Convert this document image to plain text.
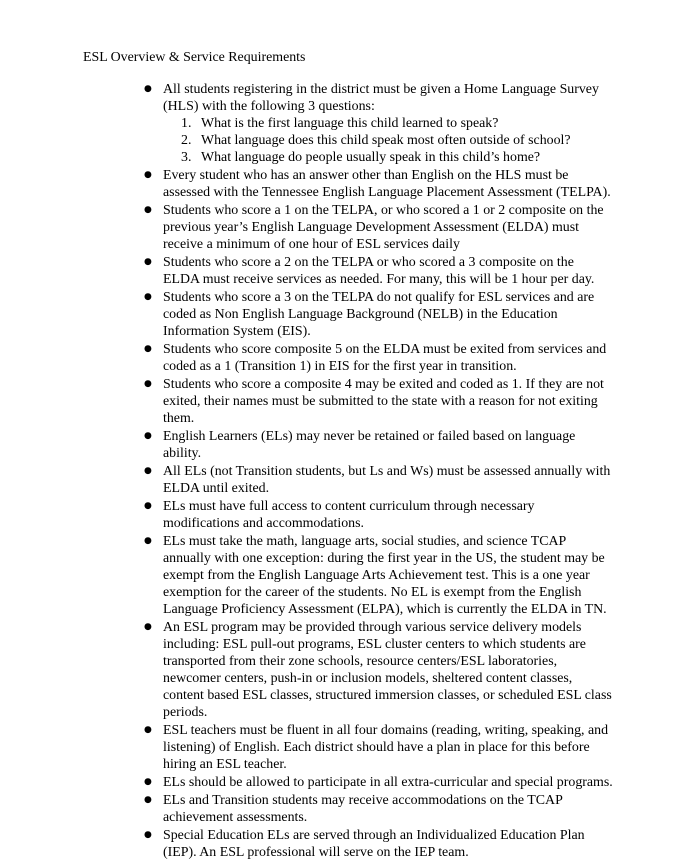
ESL Overview & Service Requirements
● All students registering in the district must be given a Home Language Survey (HLS) with the following 3 questions:
1. What is the first language this child learned to speak?
2. What language does this child speak most often outside of school?
3. What language do people usually speak in this child’s home?
● Every student who has an answer other than English on the HLS must be assessed with the Tennessee English Language Placement Assessment (TELPA).
● Students who score a 1 on the TELPA, or who scored a 1 or 2 composite on the previous year’s English Language Development Assessment (ELDA) must receive a minimum of one hour of ESL services daily
● Students who score a 2 on the TELPA or who scored a 3 composite on the ELDA must receive services as needed. For many, this will be 1 hour per day.
● Students who score a 3 on the TELPA do not qualify for ESL services and are coded as Non English Language Background (NELB) in the Education Information System (EIS).
● Students who score composite 5 on the ELDA must be exited from services and coded as a 1 (Transition 1) in EIS for the first year in transition.
● Students who score a composite 4 may be exited and coded as 1. If they are not exited, their names must be submitted to the state with a reason for not exiting them.
● English Learners (ELs) may never be retained or failed based on language ability.
● All ELs (not Transition students, but Ls and Ws) must be assessed annually with ELDA until exited.
● ELs must have full access to content curriculum through necessary modifications and accommodations.
● ELs must take the math, language arts, social studies, and science TCAP annually with one exception: during the first year in the US, the student may be exempt from the English Language Arts Achievement test. This is a one year exemption for the career of the students. No EL is exempt from the English Language Proficiency Assessment (ELPA), which is currently the ELDA in TN.
● An ESL program may be provided through various service delivery models including: ESL pull-out programs, ESL cluster centers to which students are transported from their zone schools, resource centers/ESL laboratories, newcomer centers, push-in or inclusion models, sheltered content classes, content based ESL classes, structured immersion classes, or scheduled ESL class periods.
● ESL teachers must be fluent in all four domains (reading, writing, speaking, and listening) of English. Each district should have a plan in place for this before hiring an ESL teacher.
● ELs should be allowed to participate in all extra-curricular and special programs.
● ELs and Transition students may receive accommodations on the TCAP achievement assessments.
● Special Education ELs are served through an Individualized Education Plan (IEP). An ESL professional will serve on the IEP team.
